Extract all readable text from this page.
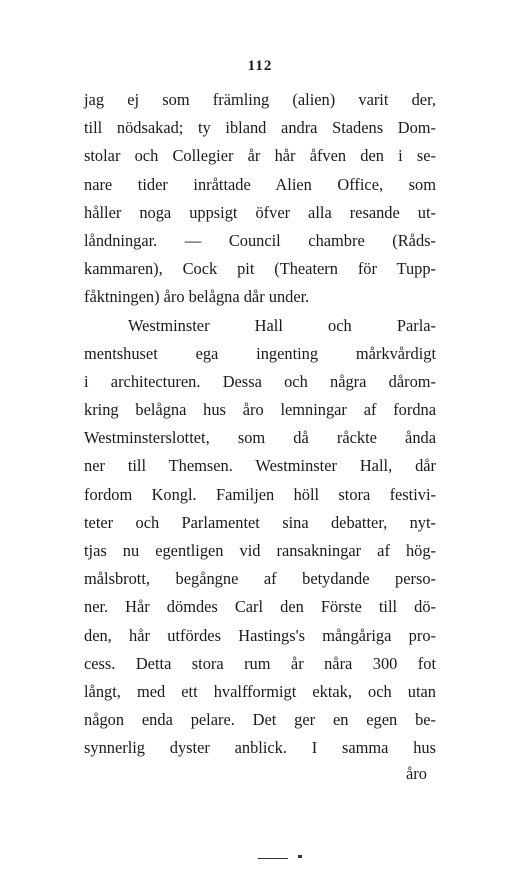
112
jag ej som främling (alien) varit der,
till nödsakad; ty ibland andra Stadens Dom-
stolar och Collegier år hår åfven den i se-
nare tider inråttade Alien Office, som
håller noga uppsigt öfver alla resande ut-
låndningar. — Council chambre (Råds-
kammaren), Cock pit (Theatern för Tupp-
fåktningen) åro belågna dår under.
Westminster Hall och Parla-
mentshuset ega ingenting mårkvårdigt
i architecturen. Dessa och några dårom-
kring belågna hus åro lemningar af fordna
Westminsterslottet, som då råckte ånda
ner till Themsen. Westminster Hall, dår
fordom Kongl. Familjen höll stora festivi-
teter och Parlamentet sina debatter, nyt-
tjas nu egentligen vid ransakningar af hög-
målsbrott, begångne af betydande perso-
ner. Hår dömdes Carl den Förste till dö-
den, hår utfördes Hastings's mångåriga pro-
cess. Detta stora rum år nåra 300 fot
långt, med ett hvalfformigt ektak, och utan
någon enda pelare. Det ger en egen be-
synnerlig dyster anblick. I samma hus
åro
